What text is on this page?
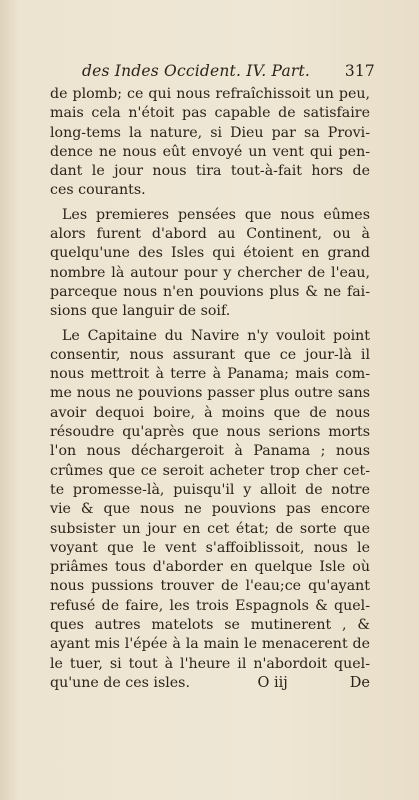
des Indes Occident. IV. Part. 317
de plomb; ce qui nous refraîchissoit un peu,
mais cela n'étoit pas capable de satisfaire
long-tems la nature, si Dieu par sa Provi-
dence ne nous eût envoyé un vent qui pen-
dant le jour nous tira tout-à-fait hors de
ces courants.
Les premieres pensées que nous eûmes
alors furent d'abord au Continent, ou à
quelqu'une des Isles qui étoient en grand
nombre là autour pour y chercher de l'eau,
parceque nous n'en pouvions plus & ne fai-
sions que languir de soif.
Le Capitaine du Navire n'y vouloit point
consentir, nous assurant que ce jour-là il
nous mettroit à terre à Panama; mais com-
me nous ne pouvions passer plus outre sans
avoir dequoi boire, à moins que de nous
résoudre qu'après que nous serions morts
l'on nous déchargeroit à Panama ; nous
crûmes que ce seroit acheter trop cher cet-
te promesse-là, puisqu'il y alloit de notre
vie & que nous ne pouvions pas encore
subsister un jour en cet état; de sorte que
voyant que le vent s'affoiblissoit, nous le
priâmes tous d'aborder en quelque Isle où
nous pussions trouver de l'eau;ce qu'ayant
refusé de faire, les trois Espagnols & quel-
ques autres matelots se mutinerent , &
ayant mis l'épée à la main le menacerent de
le tuer, si tout à l'heure il n'abordoit quel-
qu'une de ces isles.	O iij	De
